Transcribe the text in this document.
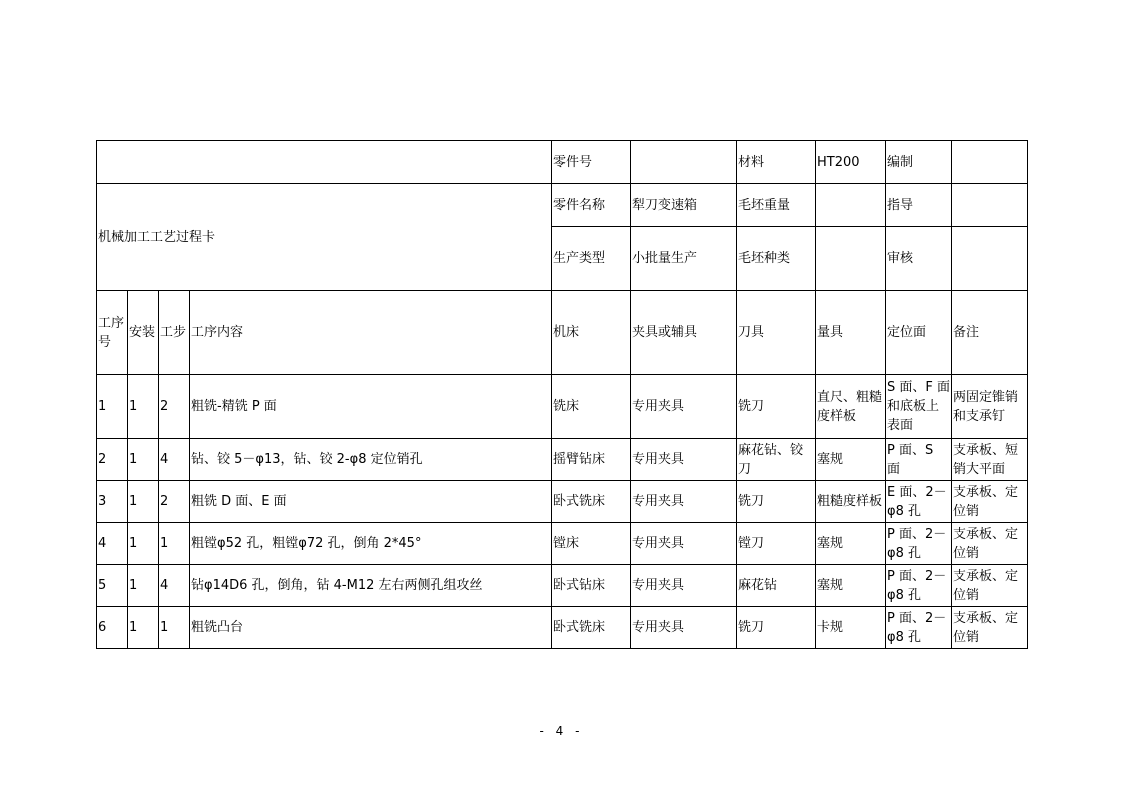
				零件号		材料	HT200	编制	
机械加工工艺过程卡				零件名称	犁刀变速箱	毛坯重量		指导	
				生产类型	小批量生产	毛坯种类		审核	
工序号	安装	工步	工序内容	机床	夹具或辅具	刀具	量具	定位面	备注
1	1	2	粗铣-精铣 P 面	铣床	专用夹具	铣刀	直尺、粗糙度样板	S 面、F 面和底板上表面	两固定锥销和支承钉
2	1	4	钻、铰 5－φ13，钻、铰 2-φ8 定位销孔	摇臂钻床	专用夹具	麻花钻、铰刀	塞规	P 面、S 面	支承板、短销大平面
3	1	2	粗铣 D 面、E 面	卧式铣床	专用夹具	铣刀	粗糙度样板	E 面、2－φ8 孔	支承板、定位销
4	1	1	粗镗φ52 孔，粗镗φ72 孔，倒角 2*45°	镗床	专用夹具	镗刀	塞规	P 面、2－φ8 孔	支承板、定位销
5	1	4	钻φ14D6 孔，倒角，钻 4-M12 左右两侧孔组攻丝	卧式钻床	专用夹具	麻花钻	塞规	P 面、2－φ8 孔	支承板、定位销
6	1	1	粗铣凸台	卧式铣床	专用夹具	铣刀	卡规	P 面、2－φ8 孔	支承板、定位销
- 4 -
